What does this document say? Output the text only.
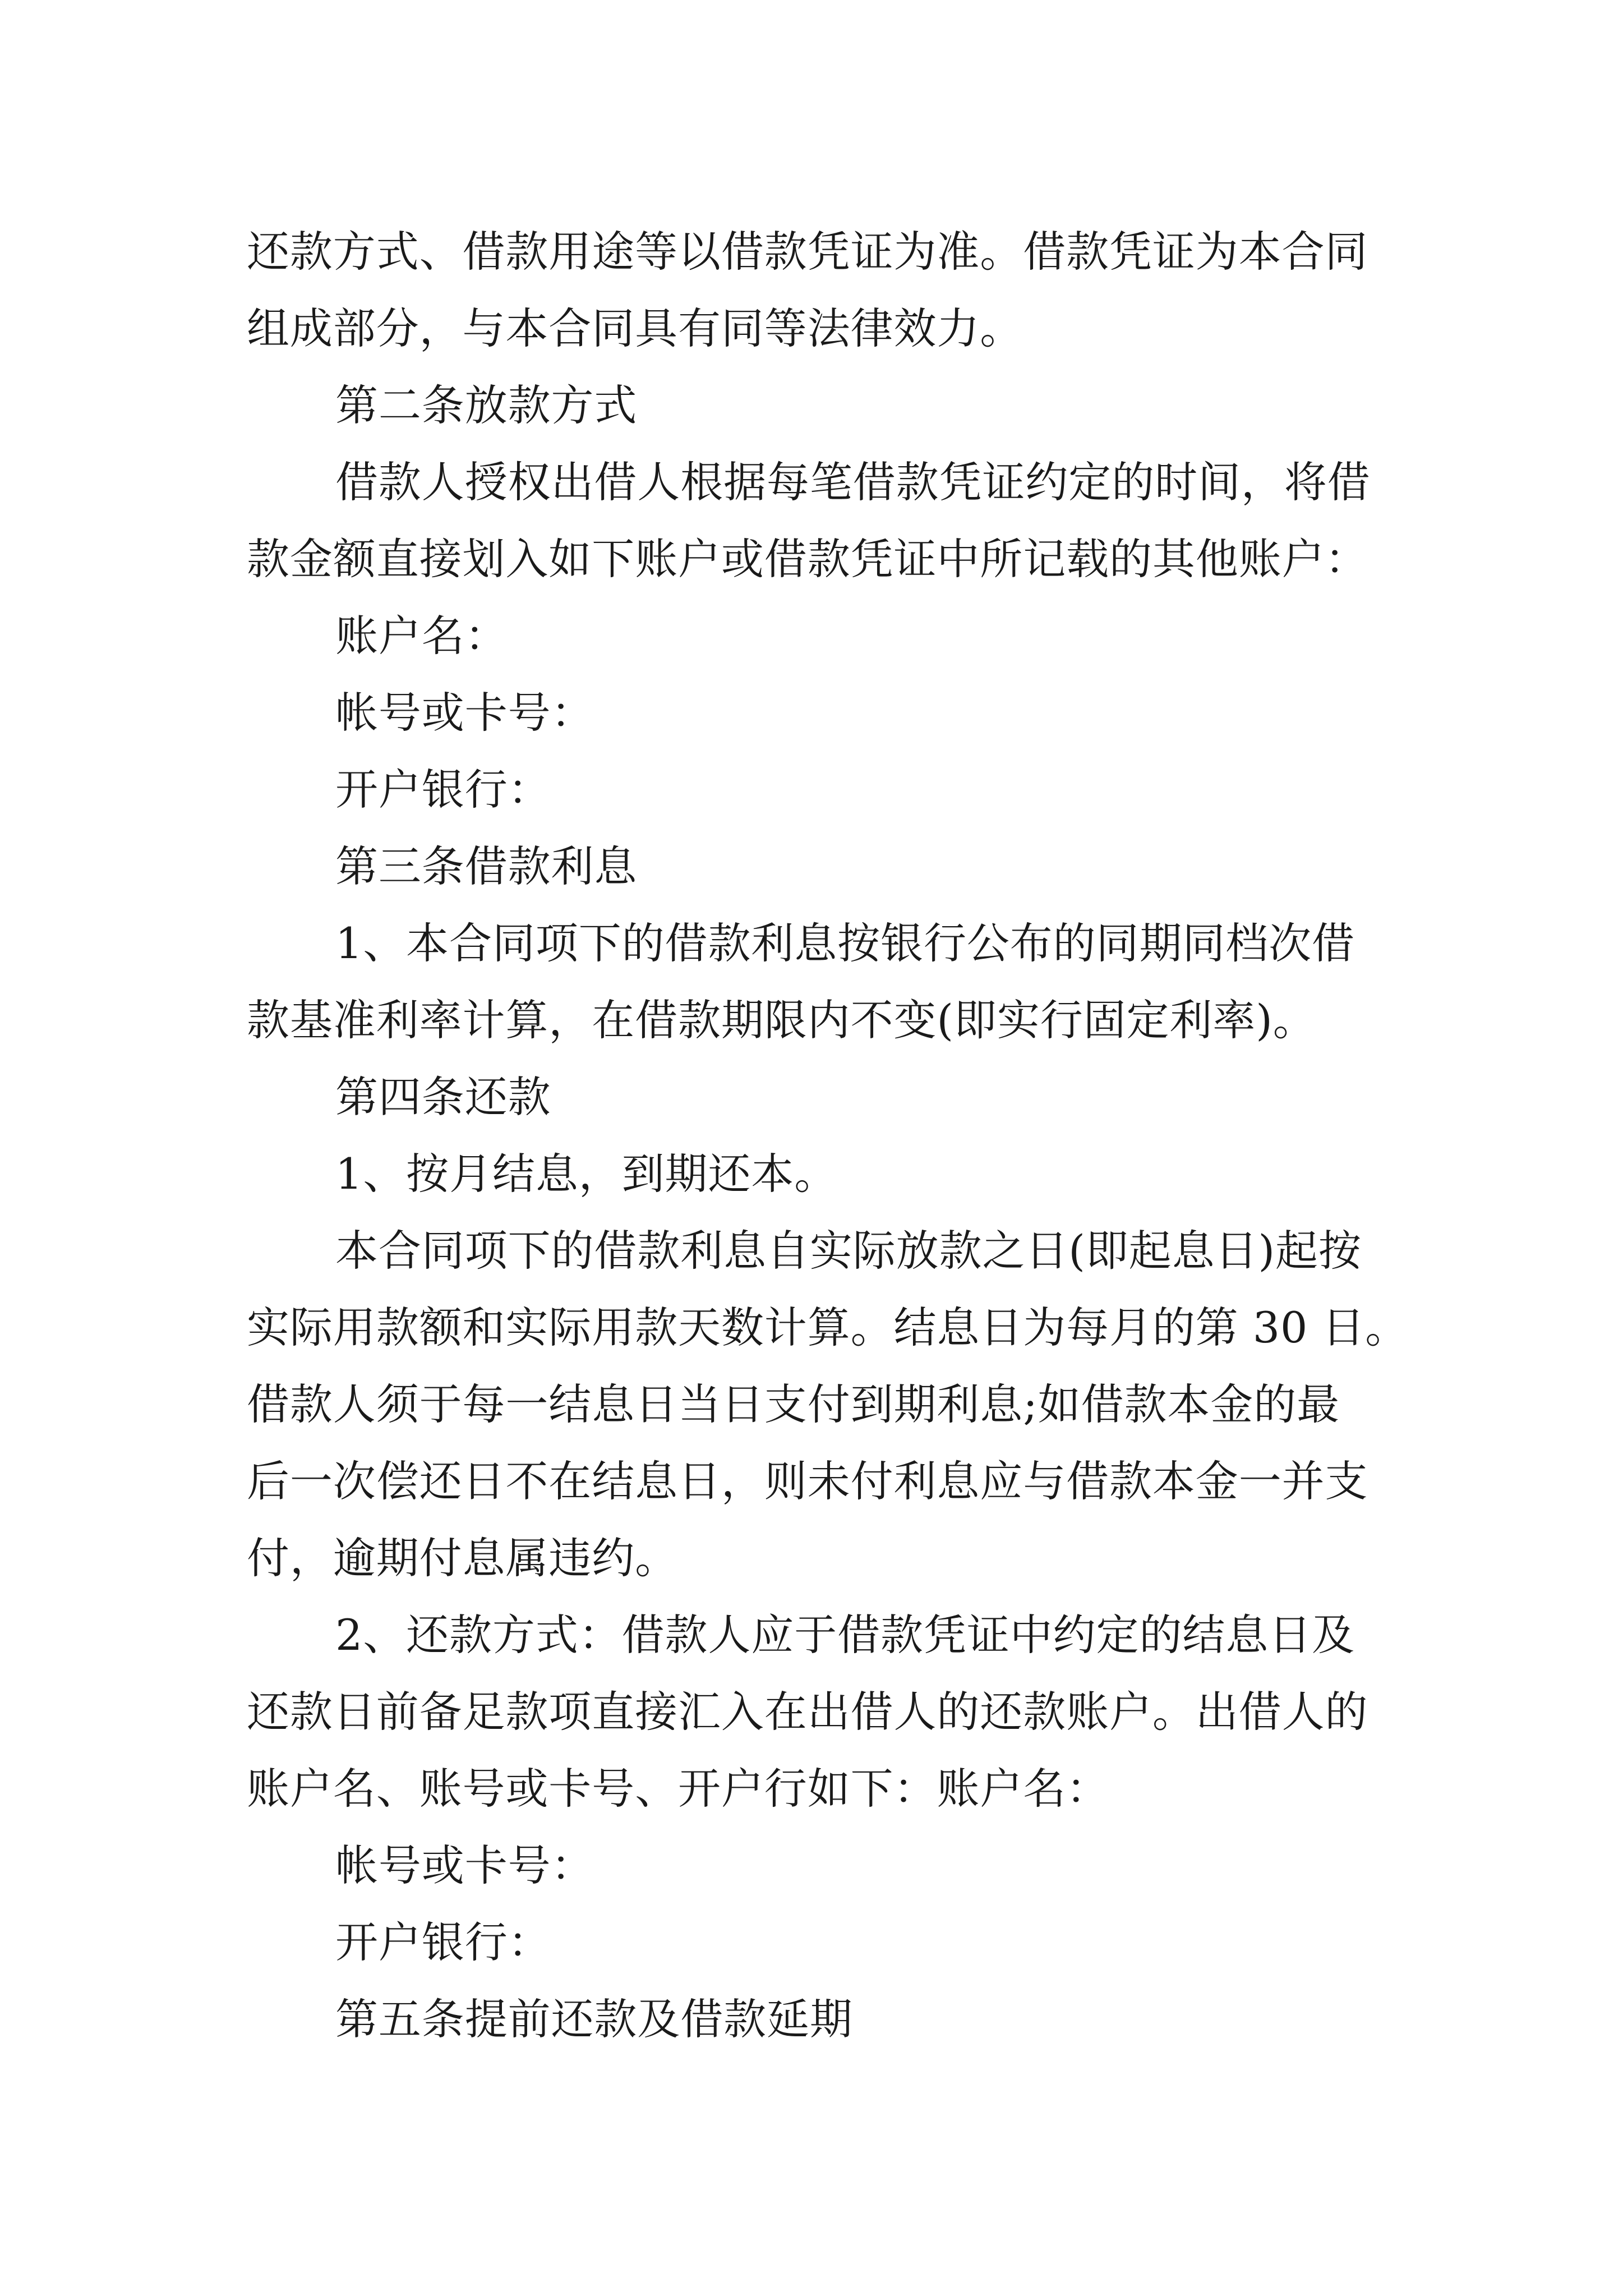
还款方式、借款用途等以借款凭证为准。借款凭证为本合同
组成部分，与本合同具有同等法律效力。
第二条放款方式
借款人授权出借人根据每笔借款凭证约定的时间，将借
款金额直接划入如下账户或借款凭证中所记载的其他账户：
账户名：
帐号或卡号：
开户银行：
第三条借款利息
1、本合同项下的借款利息按银行公布的同期同档次借
款基准利率计算，在借款期限内不变(即实行固定利率)。
第四条还款
1、按月结息，到期还本。
本合同项下的借款利息自实际放款之日(即起息日)起按
实际用款额和实际用款天数计算。结息日为每月的第 30 日。
借款人须于每一结息日当日支付到期利息;如借款本金的最
后一次偿还日不在结息日，则未付利息应与借款本金一并支
付，逾期付息属违约。
2、还款方式：借款人应于借款凭证中约定的结息日及
还款日前备足款项直接汇入在出借人的还款账户。出借人的
账户名、账号或卡号、开户行如下：账户名：
帐号或卡号：
开户银行：
第五条提前还款及借款延期
